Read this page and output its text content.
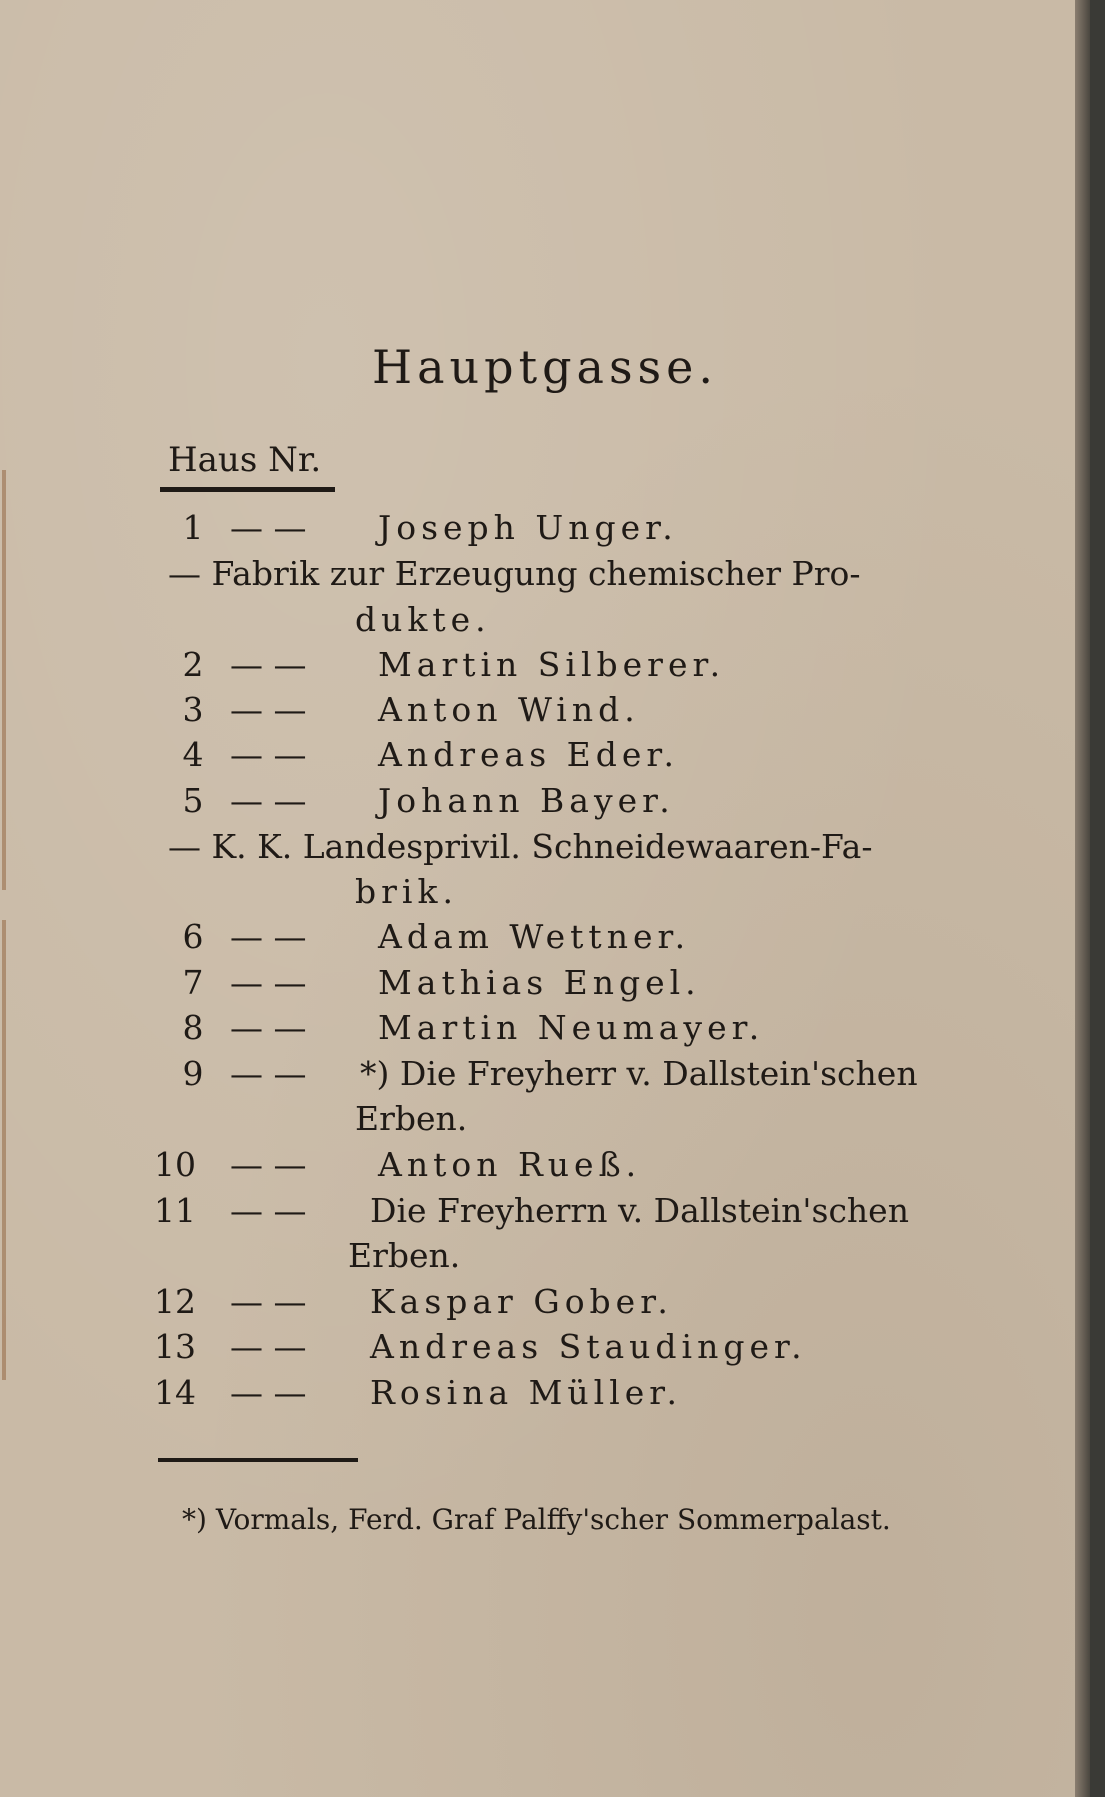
Hauptgasse.
Haus Nr.
1 — — Joseph Unger.
— Fabrik zur Erzeugung chemischer Pro-
dukte.
2 — — Martin Silberer.
3 — — Anton Wind.
4 — — Andreas Eder.
5 — — Johann Bayer.
— K. K. Landesprivil. Schneidewaaren-Fa-
brik.
6 — — Adam Wettner.
7 — — Mathias Engel.
8 — — Martin Neumayer.
9 — — *) Die Freyherr v. Dallstein'schen
Erben.
10 — — Anton Rueß.
11 — — Die Freyherrn v. Dallstein'schen
Erben.
12 — — Kaspar Gober.
13 — — Andreas Staudinger.
14 — — Rosina Müller.
*) Vormals, Ferd. Graf Palffy'scher Sommerpalast.
